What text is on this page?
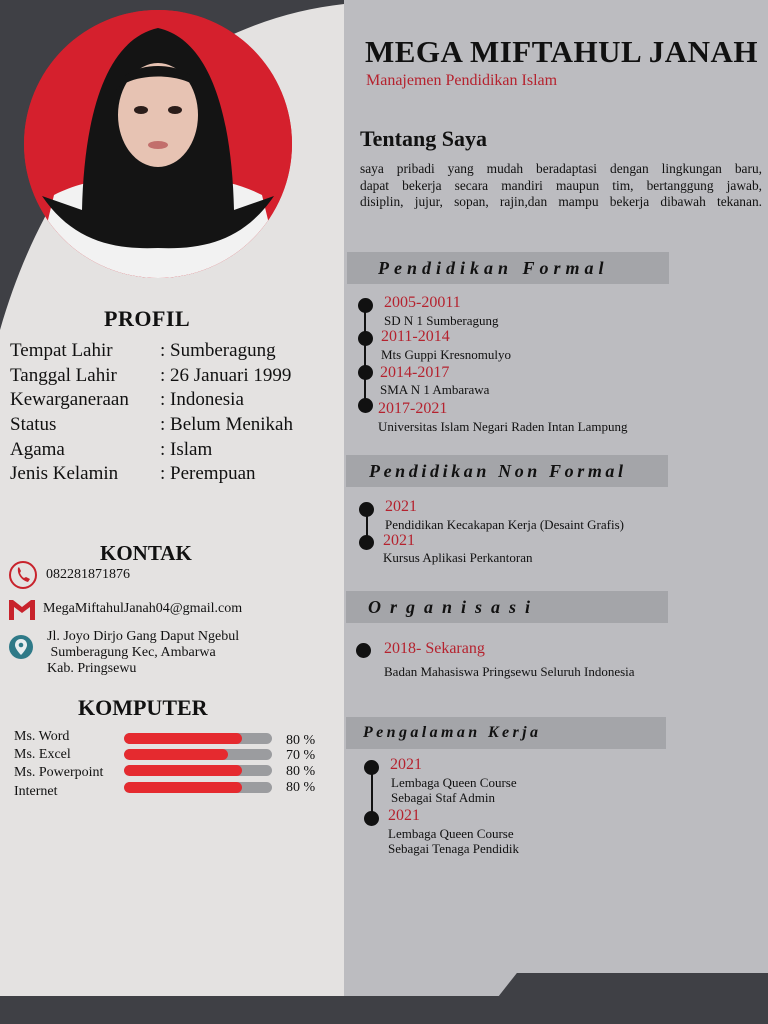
MEGA MIFTAHUL JANAH
Manajemen Pendidikan Islam
Tentang Saya
saya pribadi yang mudah beradaptasi dengan lingkungan baru,
dapat bekerja secara mandiri maupun tim, bertanggung jawab,
disiplin, jujur, sopan, rajin,dan mampu bekerja dibawah tekanan.
Pendidikan Formal
2005-20011
SD N 1 Sumberagung
2011-2014
Mts Guppi Kresnomulyo
2014-2017
SMA N 1 Ambarawa
2017-2021
Universitas Islam Negari Raden Intan Lampung
Pendidikan Non Formal
2021
Pendidikan Kecakapan Kerja (Desaint Grafis)
2021
Kursus Aplikasi Perkantoran
Organisasi
2018- Sekarang
Badan Mahasiswa Pringsewu Seluruh Indonesia
Pengalaman Kerja
2021
Lembaga Queen Course
Sebagai Staf Admin
2021
Lembaga Queen Course
Sebagai Tenaga Pendidik
PROFIL
Tempat Lahir : Sumberagung
Tanggal Lahir : 26 Januari 1999
Kewarganeraan : Indonesia
Status	: Belum Menikah
Agama	: Islam
Jenis Kelamin : Perempuan
KONTAK
082281871876
MegaMiftahulJanah04@gmail.com
Jl. Joyo Dirjo Gang Daput Ngebul
Sumberagung Kec, Ambarwa
Kab. Pringsewu
KOMPUTER
Ms. Word	80 %
Ms. Excel	70 %
Ms. Powerpoint	80 %
Internet	80 %
